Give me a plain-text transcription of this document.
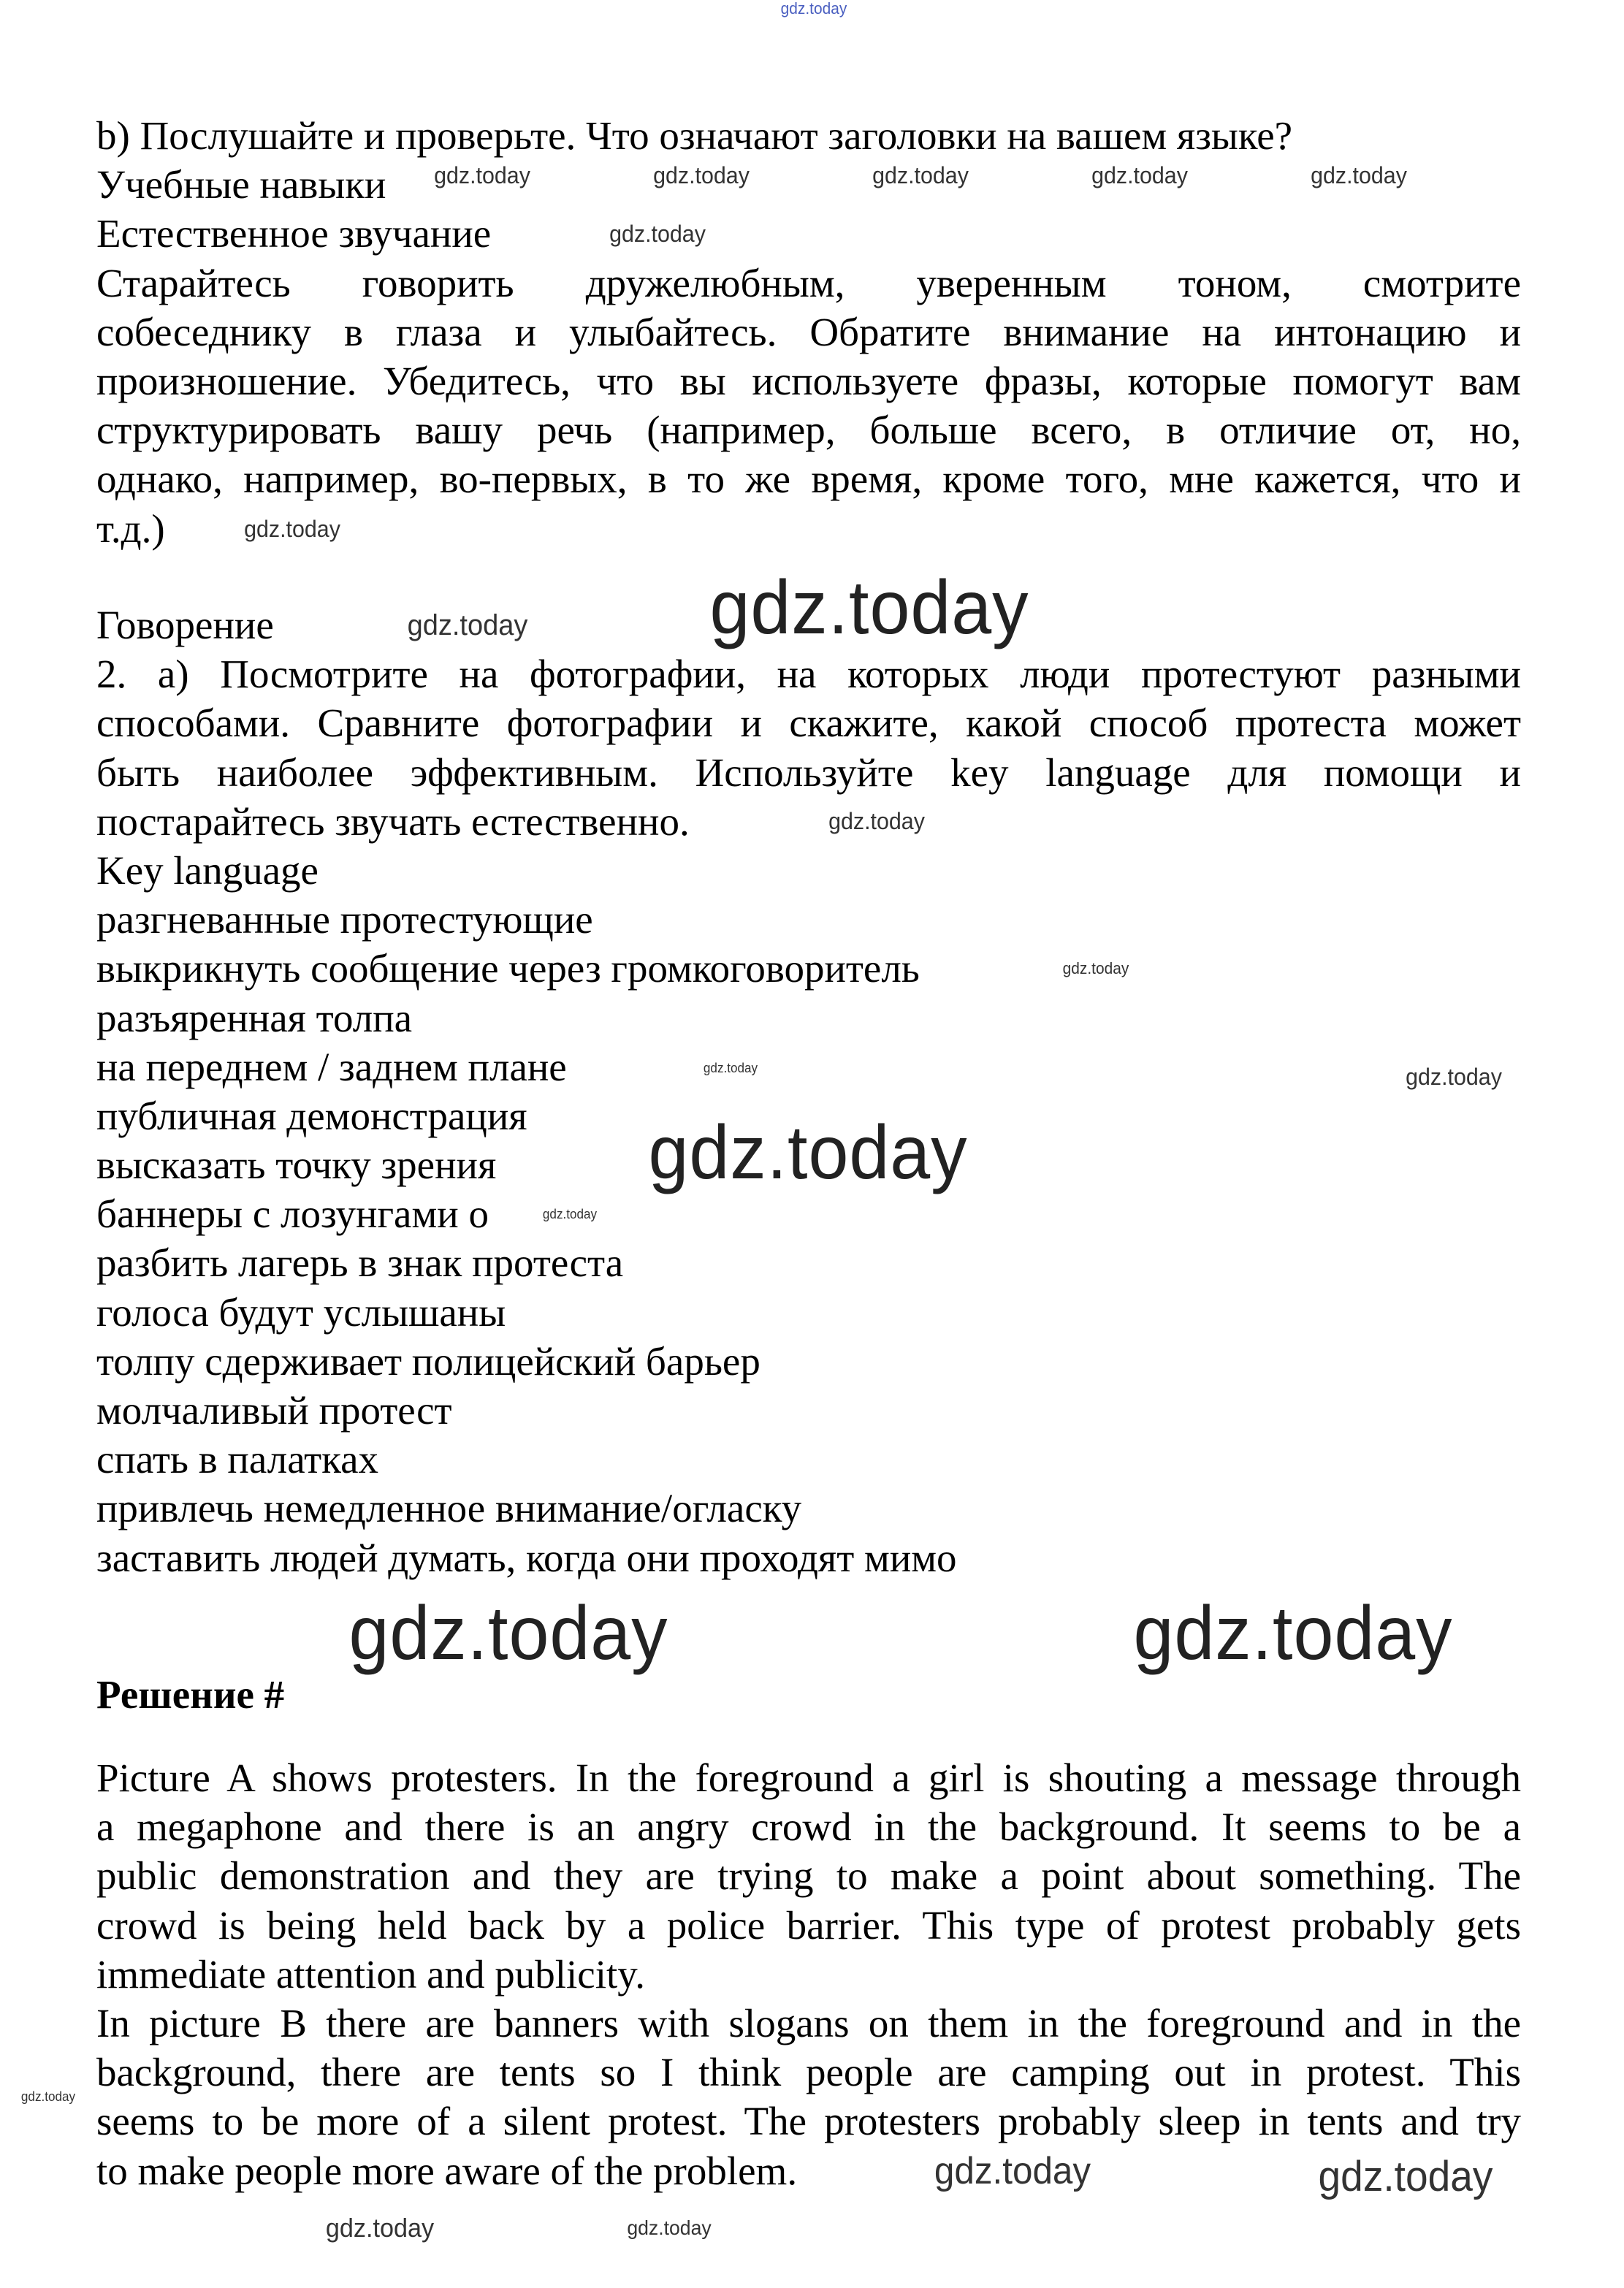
b) Послушайте и проверьте. Что означают заголовки на вашем языке?
Учебные навыки
Естественное звучание
Старайтесь говорить дружелюбным, уверенным тоном, смотрите
собеседнику в глаза и улыбайтесь. Обратите внимание на интонацию и
произношение. Убедитесь, что вы используете фразы, которые помогут вам
структурировать вашу речь (например, больше всего, в отличие от, но,
однако, например, во-первых, в то же время, кроме того, мне кажется, что и
т.д.)
Говорение
2. a) Посмотрите на фотографии, на которых люди протестуют разными
способами. Сравните фотографии и скажите, какой способ протеста может
быть наиболее эффективным. Используйте key language для помощи и
постарайтесь звучать естественно.
Key language
разгневанные протестующие
выкрикнуть сообщение через громкоговоритель
разъяренная толпа
на переднем / заднем плане
публичная демонстрация
высказать точку зрения
баннеры с лозунгами о
разбить лагерь в знак протеста
голоса будут услышаны
толпу сдерживает полицейский барьер
молчаливый протест
спать в палатках
привлечь немедленное внимание/огласку
заставить людей думать, когда они проходят мимо
Решение #
Picture A shows protesters. In the foreground a girl is shouting a message through
a megaphone and there is an angry crowd in the background. It seems to be a
public demonstration and they are trying to make a point about something. The
crowd is being held back by a police barrier. This type of protest probably gets
immediate attention and publicity.
In picture B there are banners with slogans on them in the foreground and in the
background, there are tents so I think people are camping out in protest. This
seems to be more of a silent protest. The protesters probably sleep in tents and try
to make people more aware of the problem.
gdz.today
gdz.today	gdz.today	gdz.today	gdz.today	gdz.today
gdz.today
gdz.today
gdz.today gdz.today
gdz.today
gdz.today
gdz.today
gdz.today
gdz.today
gdz.today
gdz.today	gdz.today
gdz.today
gdz.today	gdz.today
gdz.today	gdz.today
